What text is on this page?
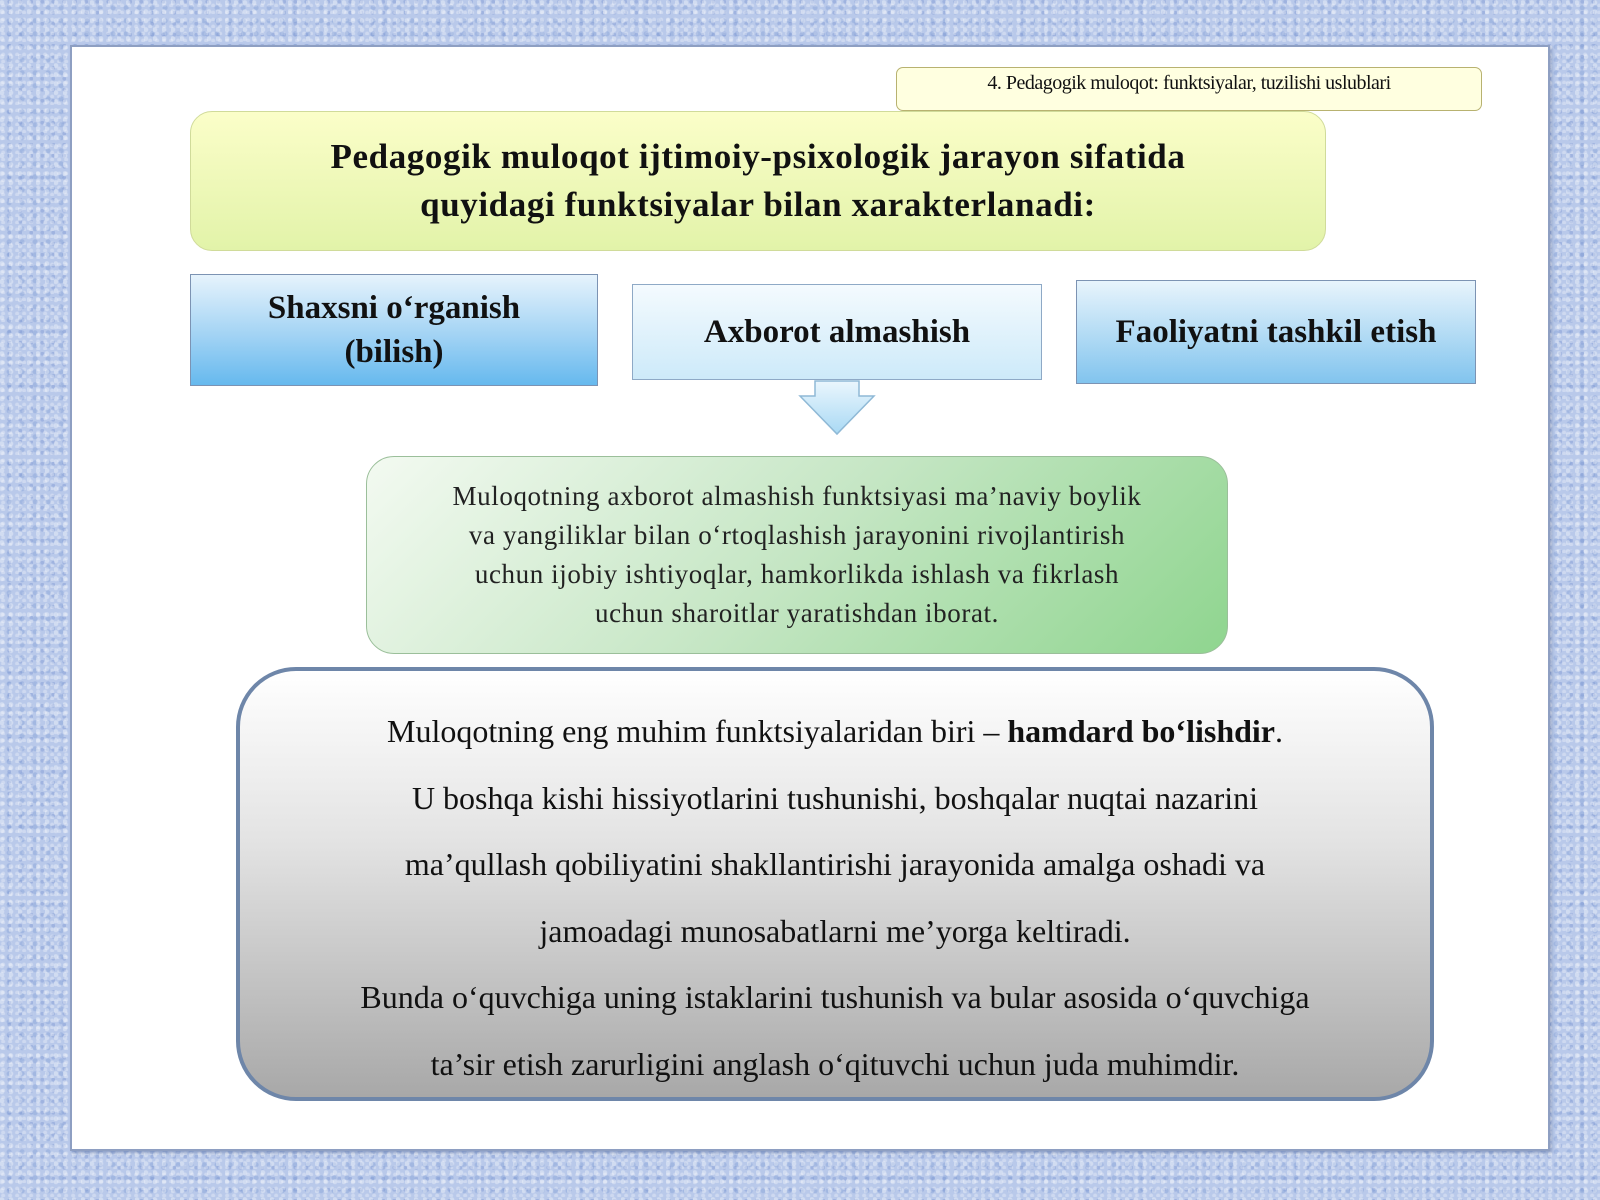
4. Pedagogik muloqot: funktsiyalar, tuzilishi uslublari
Pedagogik muloqot ijtimoiy-psixologik jarayon sifatida
quyidagi funktsiyalar bilan xarakterlanadi:
Shaxsni o‘rganish
(bilish)
Axborot almashish	Faoliyatni tashkil etish
Muloqotning axborot almashish funktsiyasi ma’naviy boylik
va yangiliklar bilan o‘rtoqlashish jarayonini rivojlantirish
uchun ijobiy ishtiyoqlar, hamkorlikda ishlash va fikrlash
uchun sharoitlar yaratishdan iborat.
Muloqotning eng muhim funktsiyalaridan biri – hamdard bo‘lishdir.
U boshqa kishi hissiyotlarini tushunishi, boshqalar nuqtai nazarini
ma’qullash qobiliyatini shakllantirishi jarayonida amalga oshadi va
jamoadagi munosabatlarni me’yorga keltiradi.
Bunda o‘quvchiga uning istaklarini tushunish va bular asosida o‘quvchiga
ta’sir etish zarurligini anglash o‘qituvchi uchun juda muhimdir.
